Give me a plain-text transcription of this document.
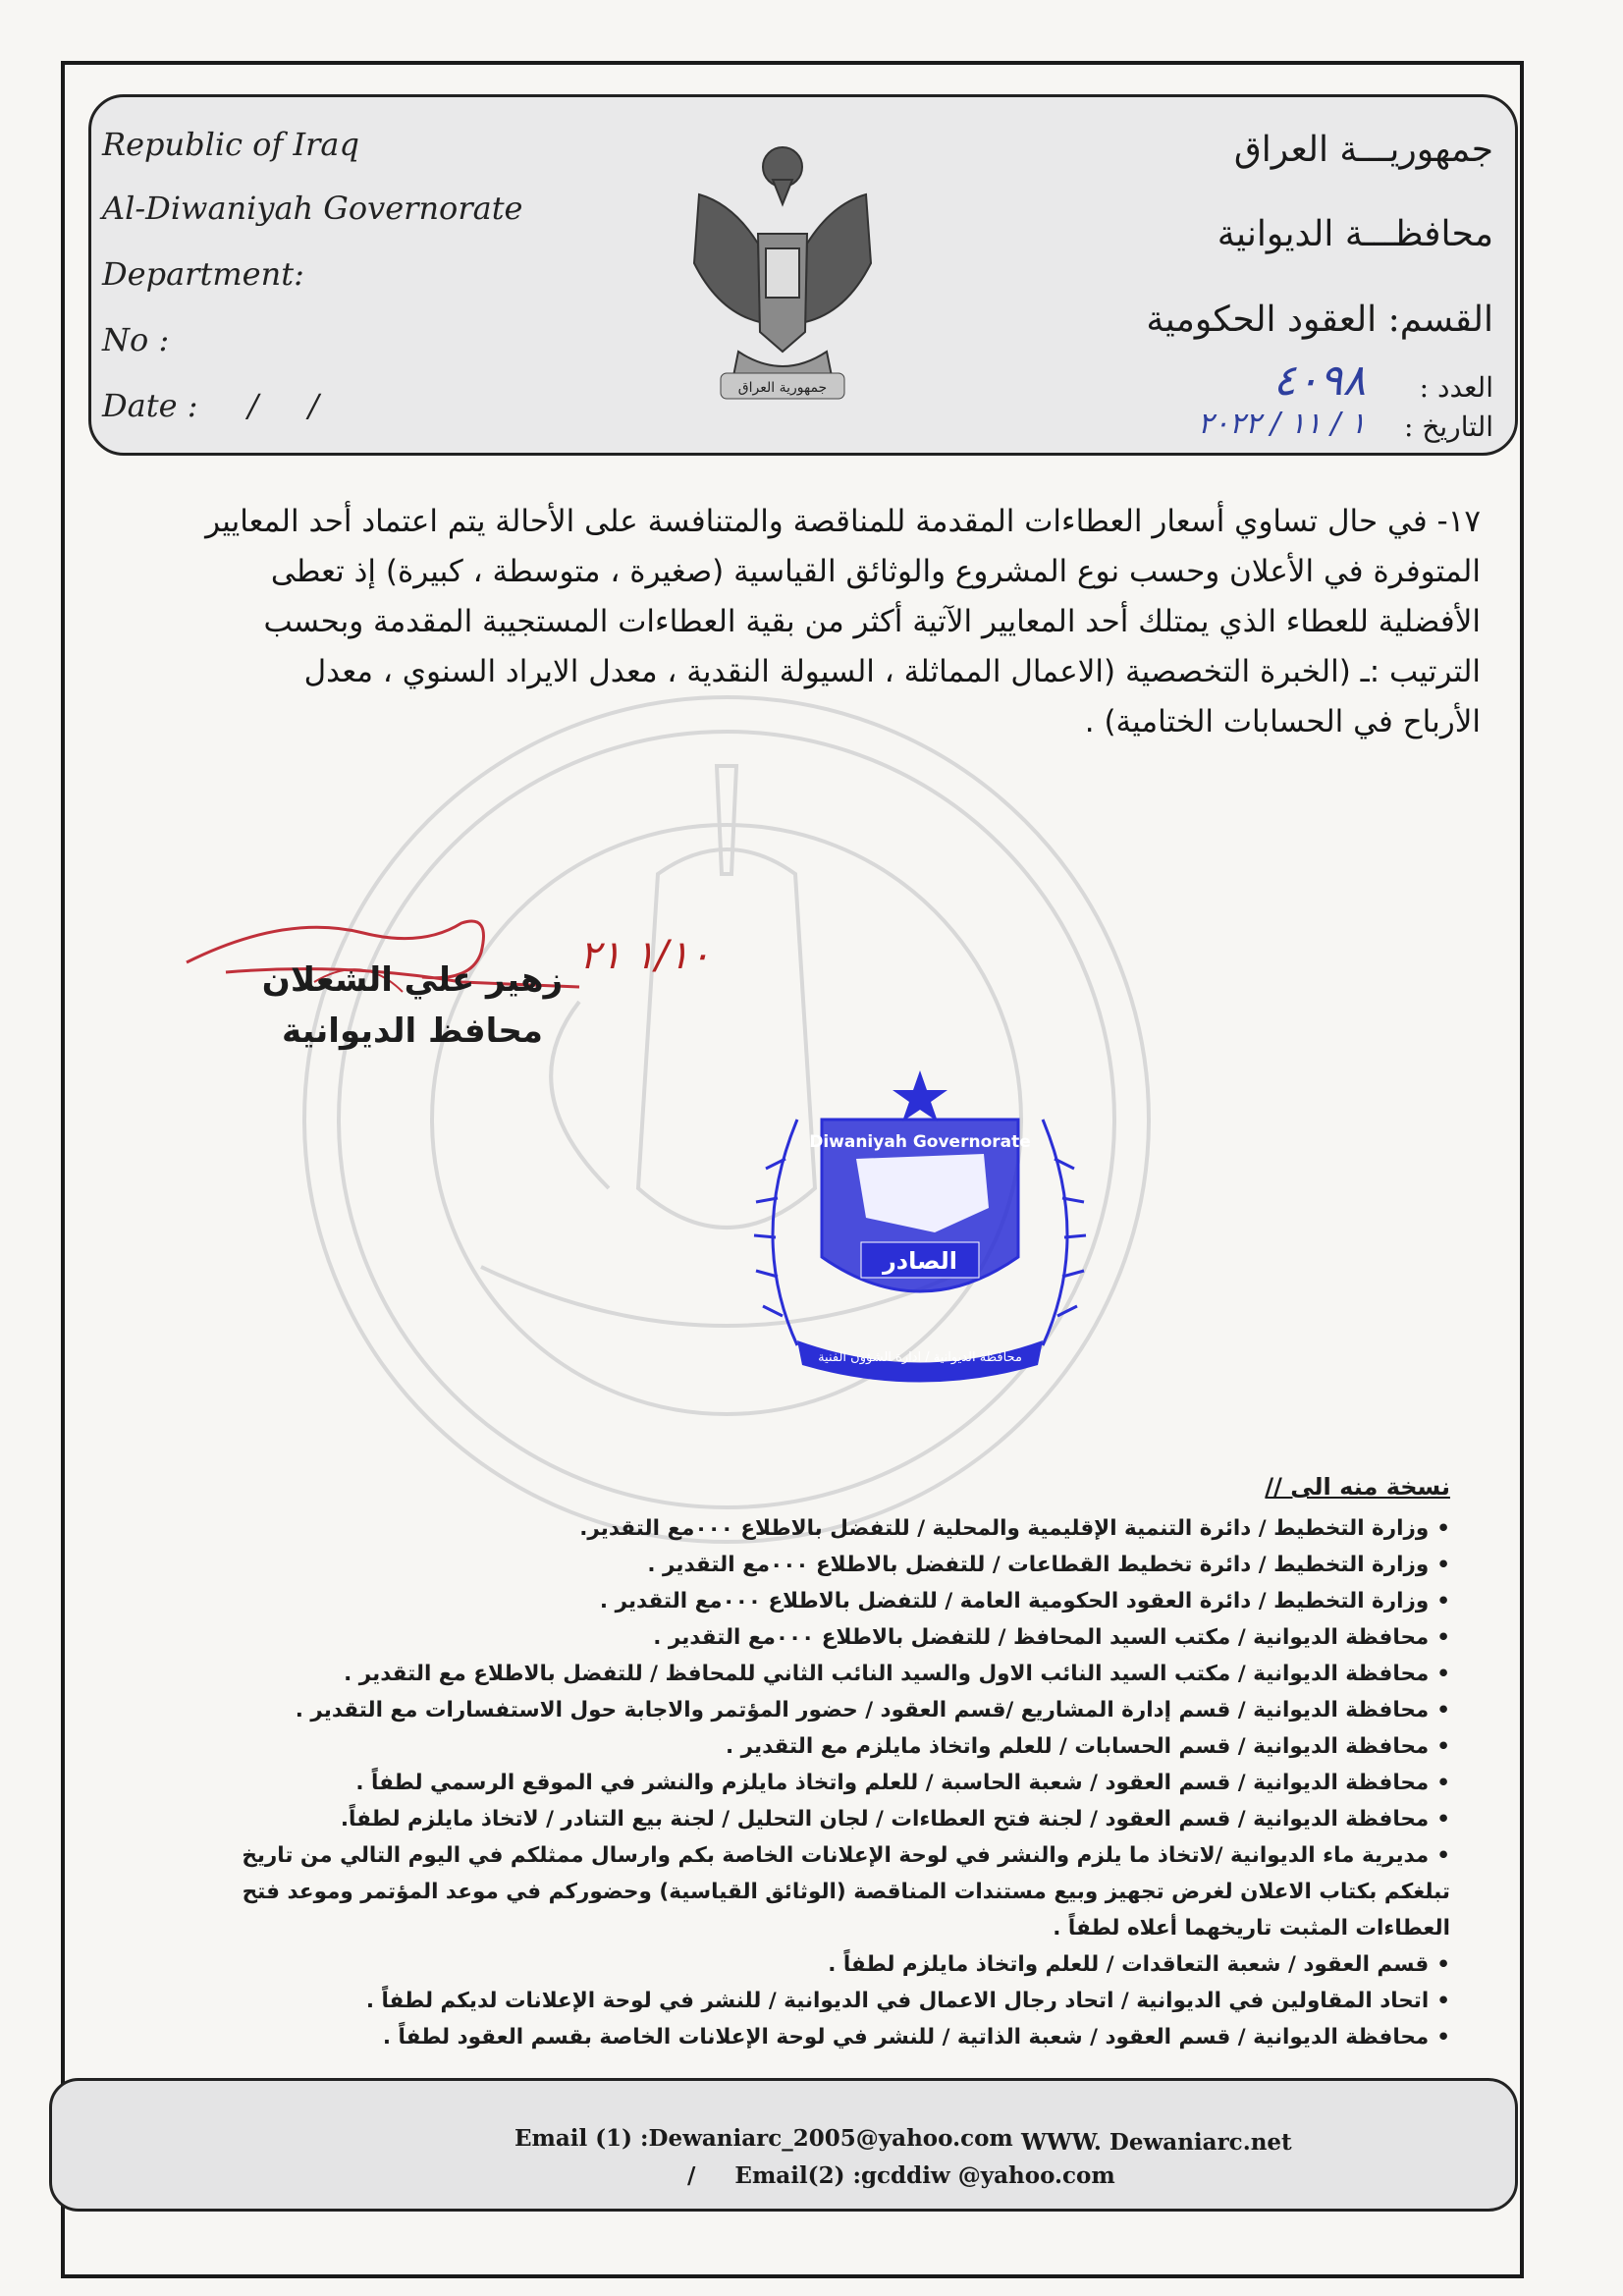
Republic of Iraq
Al-Diwaniyah Governorate
Department:
No :
Date :     /     /	جمهورية العراق
جمهوريـــة العراق
محافظـــة الديوانية
القسم: العقود الحكومية
العدد :
٤٠٩٨
التاريخ :
١ / ١١ / ٢٠٢٢
١٧- في حال تساوي أسعار العطاءات المقدمة للمناقصة والمتنافسة على الأحالة يتم اعتماد أحد المعايير
المتوفرة في الأعلان وحسب نوع المشروع والوثائق القياسية (صغيرة ، متوسطة ، كبيرة) إذ تعطى
الأفضلية للعطاء الذي يمتلك أحد المعايير الآتية أكثر من بقية العطاءات المستجيبة المقدمة وبحسب
الترتيب :ـ (الخبرة التخصصية (الاعمال المماثلة ، السيولة النقدية ، معدل الايراد السنوي ، معدل
الأرباح في الحسابات الختامية) .
١/١٠ ٢١
زهير علي الشعلان
محافظ الديوانية
الصادر
Diwaniyah Governorate
محافظة الديوانية / ادارة الشؤون الفنية
نسخة منه الى //
•وزارة التخطيط / دائرة التنمية الإقليمية والمحلية / للتفضل بالاطلاع ٠٠٠مع التقدير.
•وزارة التخطيط / دائرة تخطيط القطاعات / للتفضل بالاطلاع ٠٠٠مع التقدير .
•وزارة التخطيط / دائرة العقود الحكومية العامة / للتفضل بالاطلاع ٠٠٠مع التقدير .
•محافظة الديوانية / مكتب السيد المحافظ / للتفضل بالاطلاع ٠٠٠مع التقدير .
•محافظة الديوانية / مكتب السيد النائب الاول والسيد النائب الثاني للمحافظ / للتفضل بالاطلاع مع التقدير .
•محافظة الديوانية / قسم إدارة المشاريع /قسم العقود / حضور المؤتمر والاجابة حول الاستفسارات مع التقدير .
•محافظة الديوانية / قسم الحسابات / للعلم واتخاذ مايلزم مع التقدير .
•محافظة الديوانية / قسم العقود / شعبة الحاسبة / للعلم واتخاذ مايلزم والنشر في الموقع الرسمي لطفاً .
•محافظة الديوانية / قسم العقود / لجنة فتح العطاءات / لجان التحليل / لجنة بيع التنادر / لاتخاذ مايلزم لطفاً.
•مديرية ماء الديوانية /لاتخاذ ما يلزم والنشر في لوحة الإعلانات الخاصة بكم وارسال ممثلكم في اليوم التالي من تاريخ
تبلغكم بكتاب الاعلان لغرض تجهيز وبيع مستندات المناقصة (الوثائق القياسية) وحضوركم في موعد المؤتمر وموعد فتح
العطاءات المثبت تاريخهما أعلاه لطفاً .
•قسم العقود / شعبة التعاقدات / للعلم واتخاذ مايلزم لطفاً .
•اتحاد المقاولين في الديوانية / اتحاد رجال الاعمال في الديوانية / للنشر في لوحة الإعلانات لديكم لطفاً .
•محافظة الديوانية / قسم العقود / شعبة الذاتية / للنشر في لوحة الإعلانات الخاصة بقسم العقود لطفاً .
Email (1) :Dewaniarc_2005@yahoo.com WWW. Dewaniarc.net
/     Email(2) :gcddiw @yahoo.com
